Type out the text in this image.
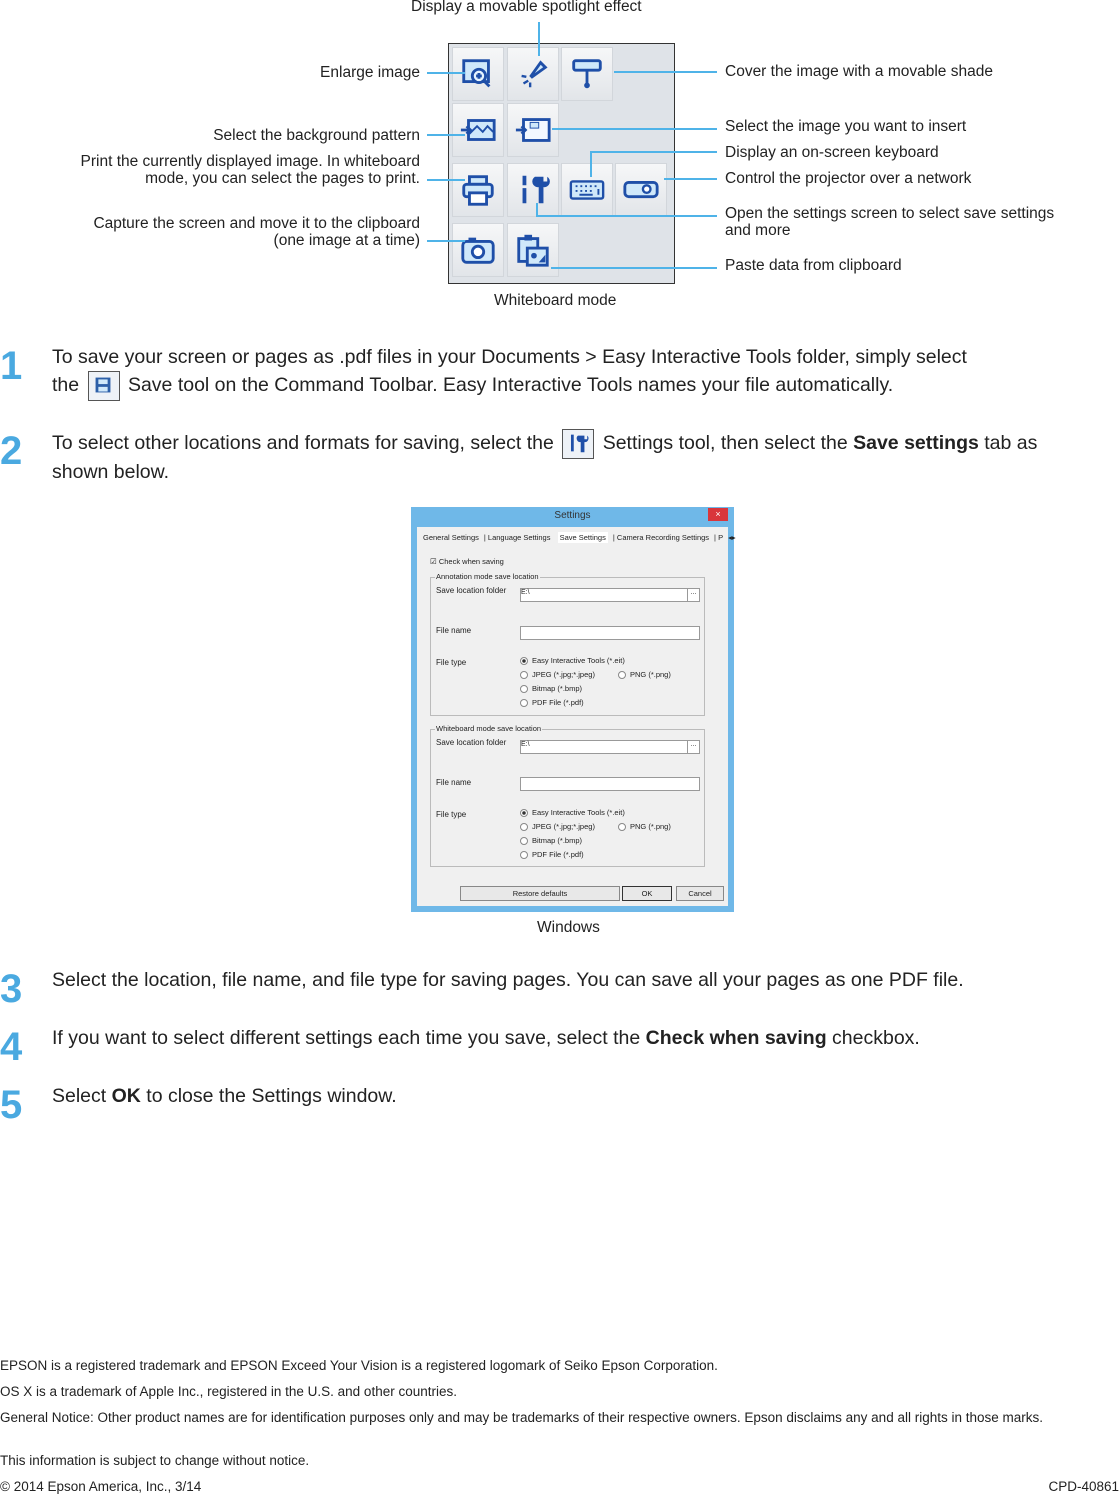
Display a movable spotlight effect
Enlarge image	Cover the image with a movable shade
Select the background pattern
Select the image you want to insert
Display an on-screen keyboard
Print the currently displayed image. In whiteboard
mode, you can select the pages to print.	Control the projector over a network
Open the settings screen to select save settings
and more
Capture the screen and move it to the clipboard
(one image at a time)
Paste data from clipboard
Whiteboard mode
1 To save your screen or pages as .pdf files in your Documents > Easy Interactive Tools folder, simply select
the	Save tool on the Command Toolbar. Easy Interactive Tools names your file automatically.
2 To select other locations and formats for saving, select the	Settings tool, then select the Save settings tab as
shown below.
Settings	×
General Settings | Language Settings Save Settings | Camera Recording Settings | P ◂▸
☑ Check when saving
Annotation mode save location
Save location folder E:\	...
File name
File type	Easy Interactive Tools (*.eit)
JPEG (*.jpg;*.jpeg)	PNG (*.png)
Bitmap (*.bmp)
PDF File (*.pdf)
Whiteboard mode save location
Save location folder E:\	...
File name
File type	Easy Interactive Tools (*.eit)
JPEG (*.jpg;*.jpeg)	PNG (*.png)
Bitmap (*.bmp)
PDF File (*.pdf)
Restore defaults	OK	Cancel
Windows
3 Select the location, file name, and file type for saving pages. You can save all your pages as one PDF file.
4 If you want to select different settings each time you save, select the Check when saving checkbox.
5 Select OK to close the Settings window.
EPSON is a registered trademark and EPSON Exceed Your Vision is a registered logomark of Seiko Epson Corporation.
OS X is a trademark of Apple Inc., registered in the U.S. and other countries.
General Notice: Other product names are for identification purposes only and may be trademarks of their respective owners. Epson disclaims any and all rights in those marks.
This information is subject to change without notice.
© 2014 Epson America, Inc., 3/14	CPD-40861
